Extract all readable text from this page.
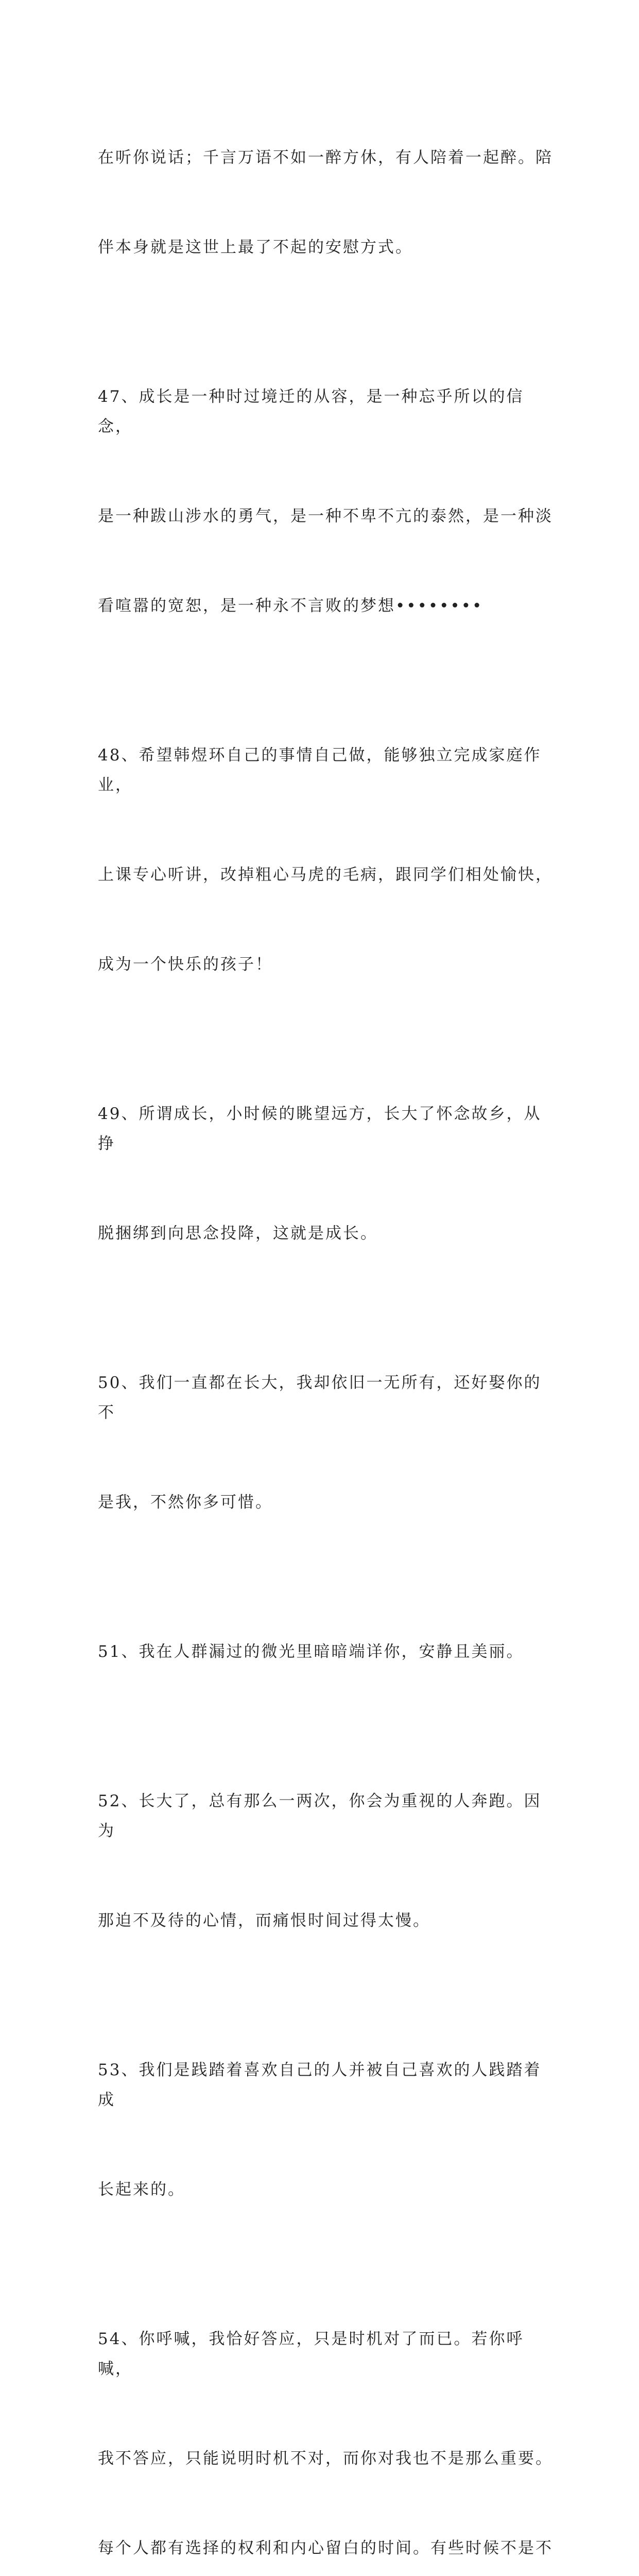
在听你说话；千言万语不如一醉方休，有人陪着一起醉。陪

伴本身就是这世上最了不起的安慰方式。

47、成长是一种时过境迁的从容，是一种忘乎所以的信念，

是一种跋山涉水的勇气，是一种不卑不亢的泰然，是一种淡

看喧嚣的宽恕，是一种永不言败的梦想••••••••

48、希望韩煜环自己的事情自己做，能够独立完成家庭作业，

上课专心听讲，改掉粗心马虎的毛病，跟同学们相处愉快，

成为一个快乐的孩子！

49、所谓成长，小时候的眺望远方，长大了怀念故乡，从挣

脱捆绑到向思念投降，这就是成长。

50、我们一直都在长大，我却依旧一无所有，还好娶你的不

是我，不然你多可惜。

51、我在人群漏过的微光里暗暗端详你，安静且美丽。

52、长大了，总有那么一两次，你会为重视的人奔跑。因为

那迫不及待的心情，而痛恨时间过得太慢。

53、我们是践踏着喜欢自己的人并被自己喜欢的人践踏着成

长起来的。

54、你呼喊，我恰好答应，只是时机对了而已。若你呼喊，

我不答应，只能说明时机不对，而你对我也不是那么重要。

每个人都有选择的权利和内心留白的时间。有些时候不是不
